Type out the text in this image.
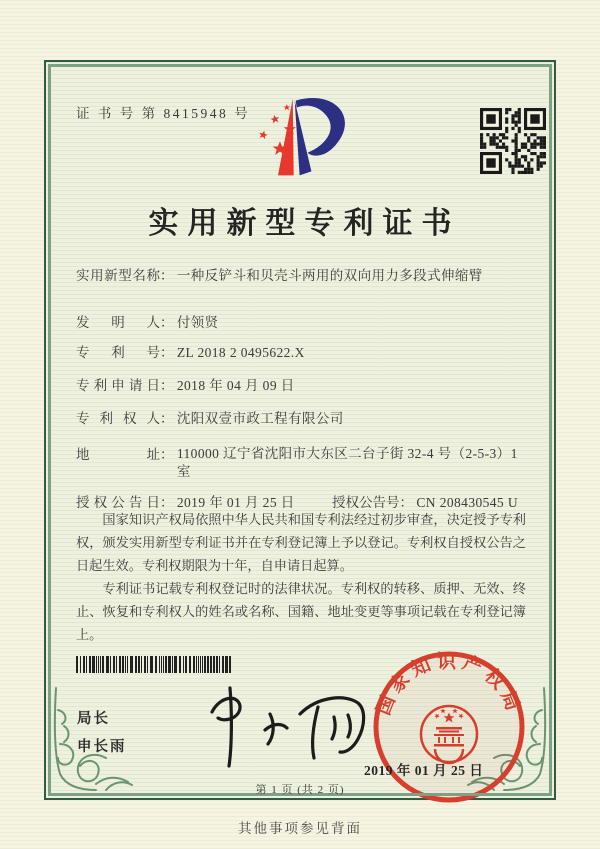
证 书 号 第 8415948 号
实用新型专利证书
实用新型名称： 一种反铲斗和贝壳斗两用的双向用力多段式伸缩臂
发明人： 付领贤
专利号： ZL 2018 2 0495622.X
专利申请日： 2018 年 04 月 09 日
专利权人： 沈阳双壹市政工程有限公司
地址： 110000 辽宁省沈阳市大东区二台子街 32-4 号（2-5-3）1室
授权公告日： 2019 年 01 月 25 日	授权公告号： CN 208430545 U

国家知识产权局依照中华人民共和国专利法经过初步审查，决定授予专利权，颁发实用新型专利证书并在专利登记簿上予以登记。专利权自授权公告之日起生效。专利权期限为十年，自申请日起算。

专利证书记载专利权登记时的法律状况。专利权的转移、质押、无效、终止、恢复和专利权人的姓名或名称、国籍、地址变更等事项记载在专利登记簿上。

局长
申长雨
国家知识产权局
2019 年 01 月 25 日
第 1 页 (共 2 页)
其他事项参见背面
